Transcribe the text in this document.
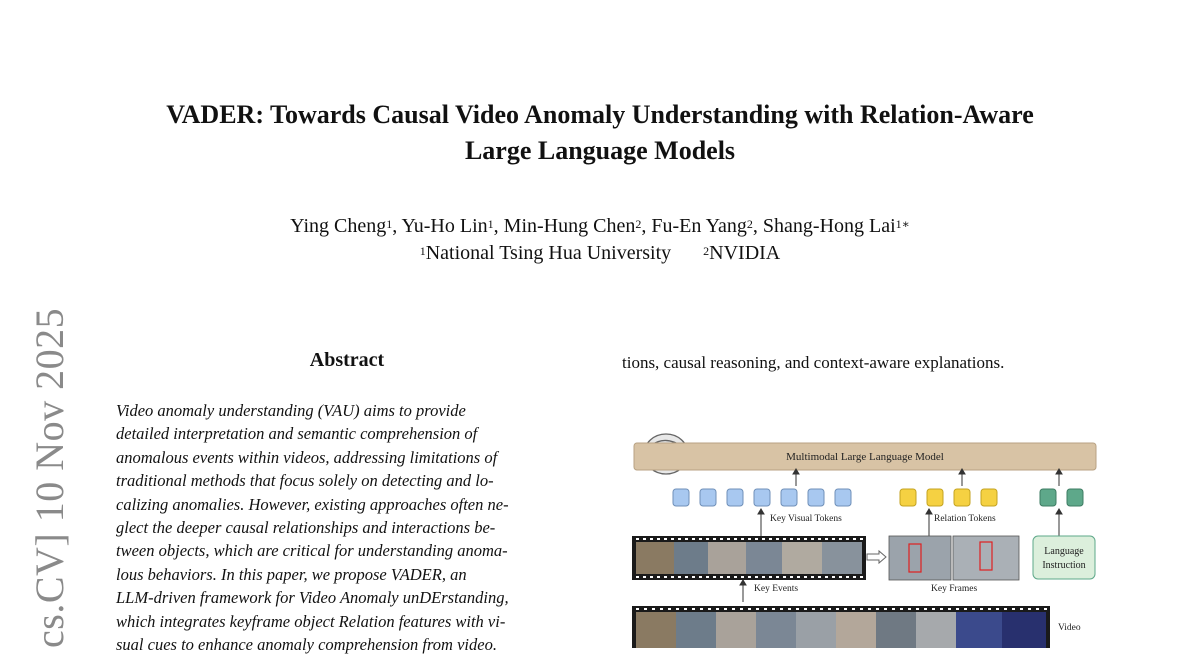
cs.CV] 10 Nov 2025
VADER: Towards Causal Video Anomaly Understanding with Relation-Aware
Large Language Models
Ying Cheng$^1$, Yu-Ho Lin$^1$, Min-Hung Chen$^2$, Fu-En Yang$^2$, Shang-Hong Lai$^{1∗}$
$^1$National Tsing Hua University	$^2$NVIDIA
Abstract
Video anomaly understanding (VAU) aims to provide
detailed interpretation and semantic comprehension of
anomalous events within videos, addressing limitations of
traditional methods that focus solely on detecting and lo-
calizing anomalies. However, existing approaches often ne-
glect the deeper causal relationships and interactions be-
tween objects, which are critical for understanding anoma-
lous behaviors. In this paper, we propose VADER, an
LLM-driven framework for Video Anomaly unDErstanding,
which integrates keyframe object Relation features with vi-
sual cues to enhance anomaly comprehension from video.
tions, causal reasoning, and context-aware explanations.
Multimodal Large Language Model
Key Visual Tokens	Relation Tokens
Key Events	Key Frames
Language
Instruction
Video
